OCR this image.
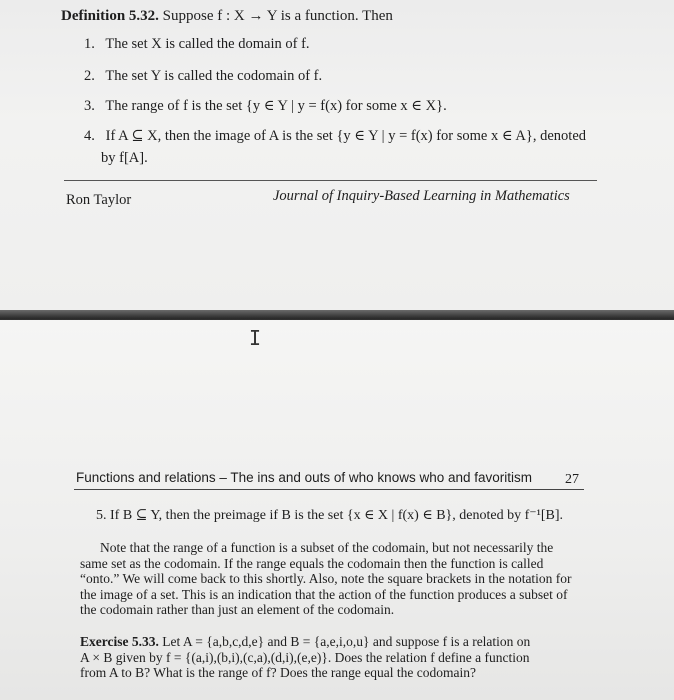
Definition 5.32. Suppose f : X → Y is a function. Then
1. The set X is called the domain of f.
2. The set Y is called the codomain of f.
3. The range of f is the set {y ∈ Y | y = f(x) for some x ∈ X}.
4. If A ⊆ X, then the image of A is the set {y ∈ Y | y = f(x) for some x ∈ A}, denoted
by f[A].
Ron Taylor	Journal of Inquiry-Based Learning in Mathematics
I
Functions and relations – The ins and outs of who knows who and favoritism 27
5. If B ⊆ Y, then the preimage if B is the set {x ∈ X | f(x) ∈ B}, denoted by f⁻¹[B].
Note that the range of a function is a subset of the codomain, but not necessarily the
same set as the codomain. If the range equals the codomain then the function is called
“onto.” We will come back to this shortly. Also, note the square brackets in the notation for
the image of a set. This is an indication that the action of the function produces a subset of
the codomain rather than just an element of the codomain.
Exercise 5.33. Let A = {a,b,c,d,e} and B = {a,e,i,o,u} and suppose f is a relation on
A × B given by f = {(a,i),(b,i),(c,a),(d,i),(e,e)}. Does the relation f define a function
from A to B? What is the range of f? Does the range equal the codomain?
